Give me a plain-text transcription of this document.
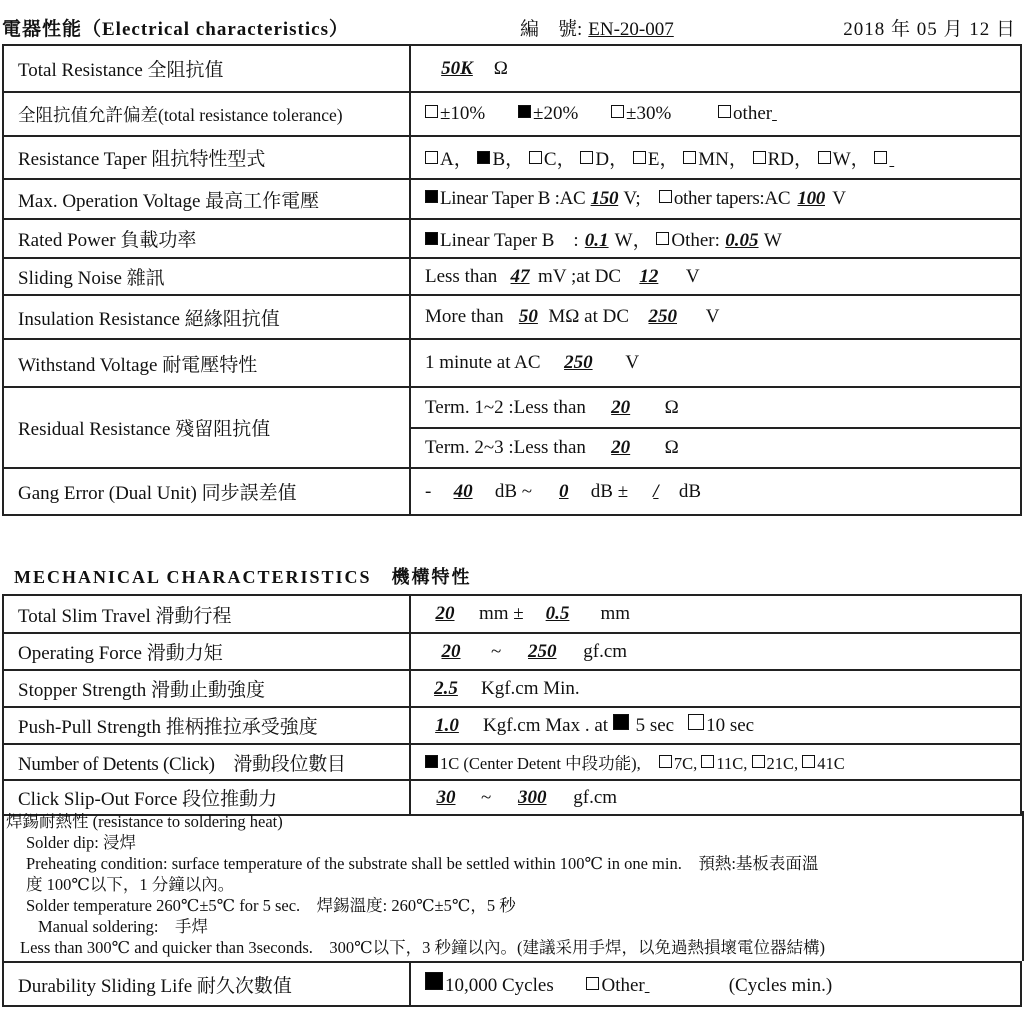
電器性能（Electrical characteristics）	編　號: EN-20-007	2018 年 05 月 12 日
Total Resistance 全阻抗值	50K Ω
全阻抗值允許偏差(total resistance tolerance)	±10% ±20% ±30% other
Resistance Taper 阻抗特性型式	A， B， C， D， E， MN， RD， W，
Max. Operation Voltage 最高工作電壓	Linear Taper B :AC 150 V; other tapers:AC 100 V
Rated Power 負載功率	Linear Taper B　: 0.1 W， Other: 0.05 W
Sliding Noise 雜訊	Less than 47 mV ;at DC 12 V
Insulation Resistance 絕緣阻抗值	More than 50 MΩ at DC 250 V
Withstand Voltage 耐電壓特性	1 minute at AC 250 V
Residual Resistance 殘留阻抗值	Term. 1~2 :Less than 20 Ω
	Term. 2~3 :Less than 20 Ω
Gang Error (Dual Unit) 同步誤差值	- 40 dB ~ 0 dB ± / dB
MECHANICAL CHARACTERISTICS　機構特性
Total Slim Travel 滑動行程	20 mm ± 0.5 mm
Operating Force 滑動力矩	20 ~ 250 gf.cm
Stopper Strength 滑動止動強度	2.5 Kgf.cm Min.
Push-Pull Strength 推柄推拉承受強度	1.0 Kgf.cm Max . at 5 sec 10 sec
Number of Detents (Click)　滑動段位數目	1C (Center Detent 中段功能), 7C, 11C, 21C, 41C
Click Slip-Out Force 段位推動力	30 ~ 300 gf.cm
焊錫耐熱性 (resistance to soldering heat)
Solder dip: 浸焊
Preheating condition: surface temperature of the substrate shall be settled within 100℃ in one min.　預熱:基板表面溫
度 100℃以下，1 分鐘以內。
Solder temperature 260℃±5℃ for 5 sec.　焊錫溫度: 260℃±5℃，5 秒
Manual soldering:　手焊
Less than 300℃ and quicker than 3seconds.　300℃以下，3 秒鐘以內。(建議采用手焊，以免過熱損壞電位器結構)
Durability Sliding Life 耐久次數值	10,000 Cycles	Other	(Cycles min.)
